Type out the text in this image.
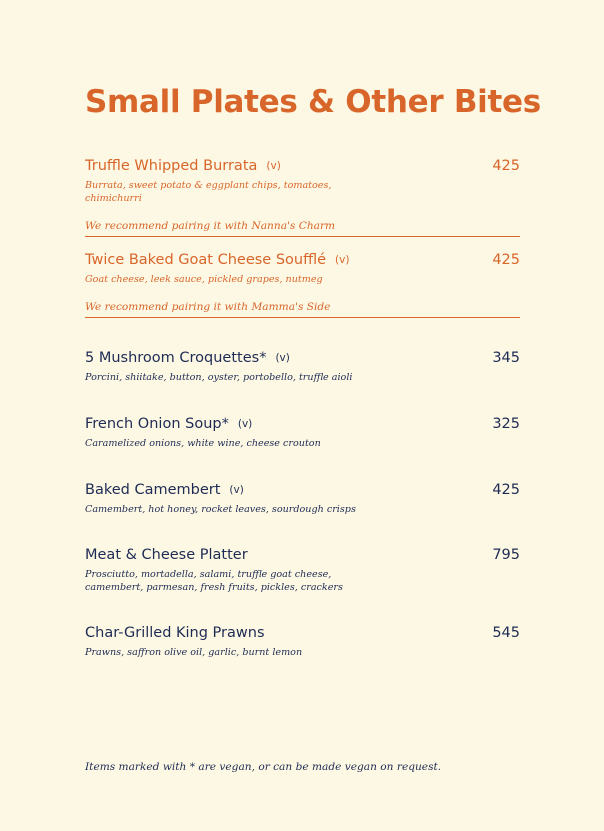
Small Plates & Other Bites
Truffle Whipped Burrata (v)	425
Burrata, sweet potato & eggplant chips, tomatoes, chimichurri
We recommend pairing it with Nanna's Charm
Twice Baked Goat Cheese Soufflé (v)	425
Goat cheese, leek sauce, pickled grapes, nutmeg
We recommend pairing it with Mamma's Side
5 Mushroom Croquettes* (v)	345
Porcini, shiitake, button, oyster, portobello, truffle aioli
French Onion Soup* (v)	325
Caramelized onions, white wine, cheese crouton
Baked Camembert (v)	425
Camembert, hot honey, rocket leaves, sourdough crisps
Meat & Cheese Platter	795
Prosciutto, mortadella, salami, truffle goat cheese, camembert, parmesan, fresh fruits, pickles, crackers
Char-Grilled King Prawns	545
Prawns, saffron olive oil, garlic, burnt lemon

Items marked with * are vegan, or can be made vegan on request.
